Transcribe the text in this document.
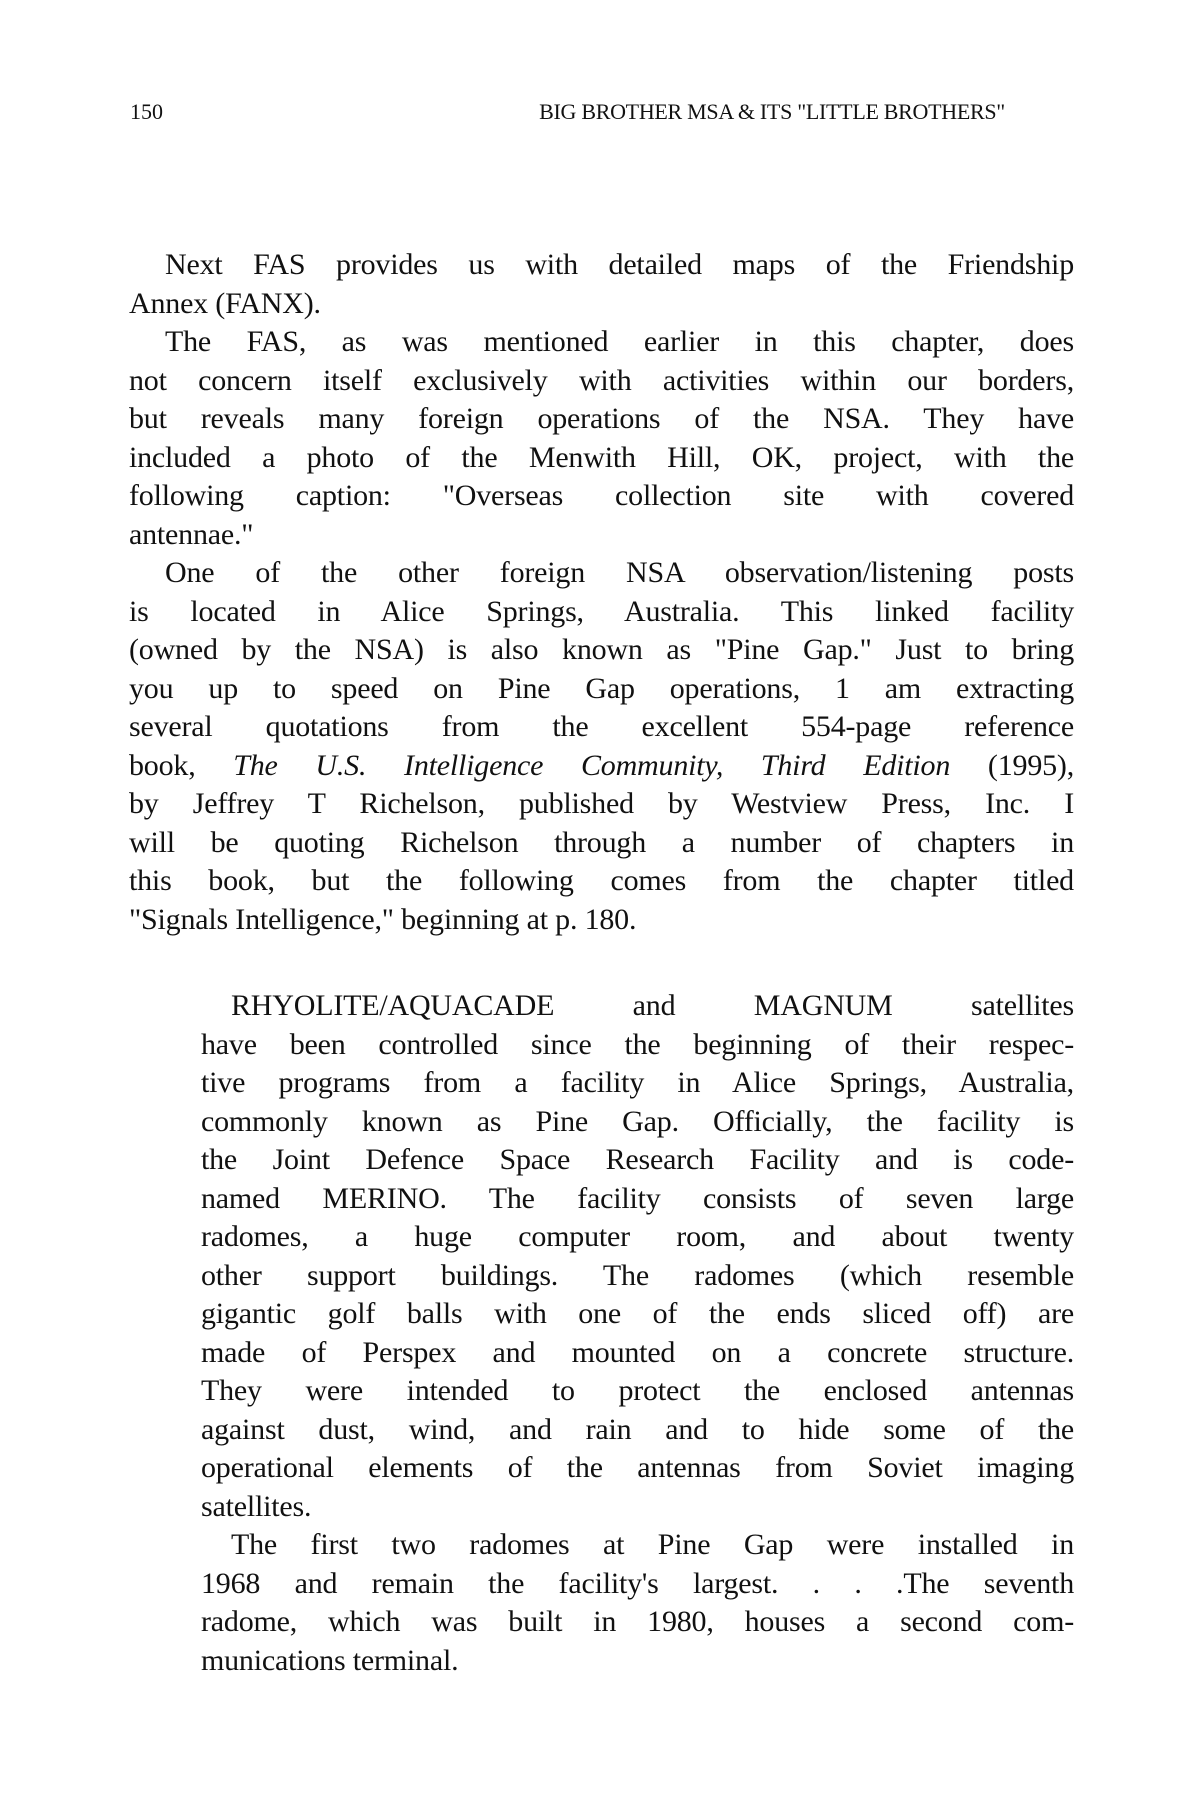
150	BIG BROTHER MSA & ITS "LITTLE BROTHERS"
Next FAS provides us with detailed maps of the Friendship
Annex (FANX).
The FAS, as was mentioned earlier in this chapter, does
not concern itself exclusively with activities within our borders,
but reveals many foreign operations of the NSA. They have
included a photo of the Menwith Hill, OK, project, with the
following caption: "Overseas collection site with covered
antennae."
One of the other foreign NSA observation/listening posts
is located in Alice Springs, Australia. This linked facility
(owned by the NSA) is also known as "Pine Gap." Just to bring
you up to speed on Pine Gap operations, 1 am extracting
several quotations from the excellent 554-page reference
book, The U.S. Intelligence Community, Third Edition (1995),
by Jeffrey T Richelson, published by Westview Press, Inc. I
will be quoting Richelson through a number of chapters in
this book, but the following comes from the chapter titled
"Signals Intelligence," beginning at p. 180.
RHYOLITE/AQUACADE and MAGNUM satellites
have been controlled since the beginning of their respec-
tive programs from a facility in Alice Springs, Australia,
commonly known as Pine Gap. Officially, the facility is
the Joint Defence Space Research Facility and is code-
named MERINO. The facility consists of seven large
radomes, a huge computer room, and about twenty
other support buildings. The radomes (which resemble
gigantic golf balls with one of the ends sliced off) are
made of Perspex and mounted on a concrete structure.
They were intended to protect the enclosed antennas
against dust, wind, and rain and to hide some of the
operational elements of the antennas from Soviet imaging
satellites.
The first two radomes at Pine Gap were installed in
1968 and remain the facility's largest. . . .The seventh
radome, which was built in 1980, houses a second com-
munications terminal.
